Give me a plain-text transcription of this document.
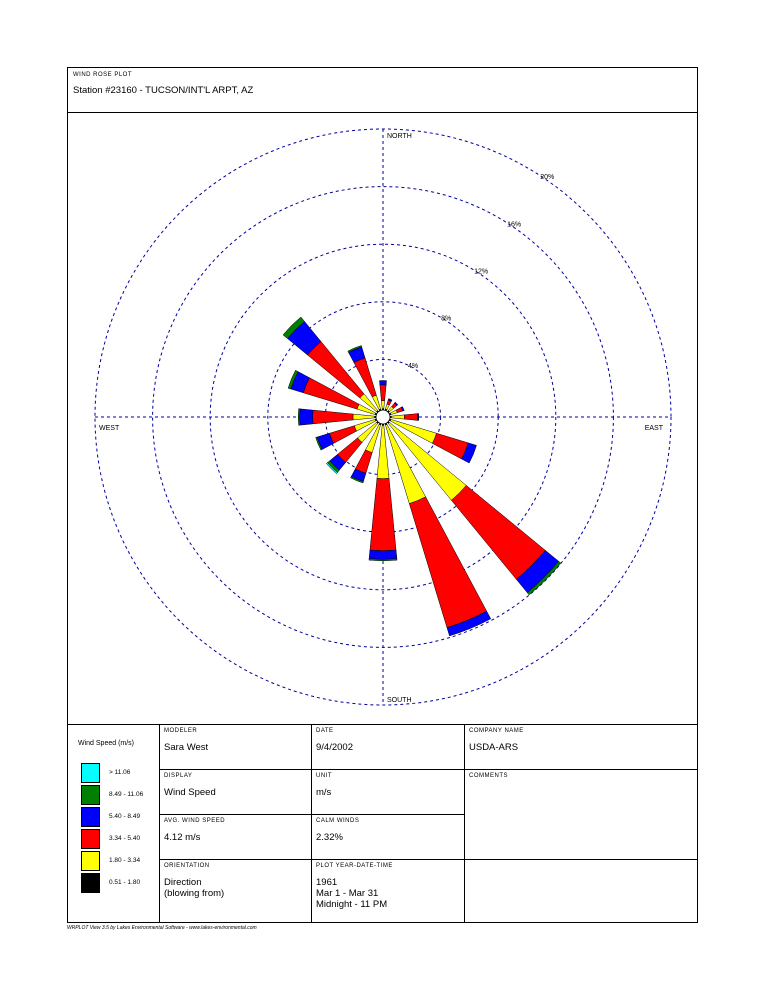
WIND ROSE PLOT
Station #23160 - TUCSON/INT'L ARPT, AZ
4%
8%
12%
16%
20%
NORTH
SOUTH
EAST
WEST
Wind Speed (m/s)
> 11.06
8.49 - 11.06
5.40 - 8.49
3.34 - 5.40
1.80 - 3.34
0.51 - 1.80
MODELER
Sara West
DATE
9/4/2002
COMPANY NAME
USDA-ARS
DISPLAY
Wind Speed
UNIT
m/s
COMMENTS
AVG. WIND SPEED
4.12 m/s
CALM WINDS
2.32%
ORIENTATION
Direction
(blowing from)
PLOT YEAR-DATE-TIME
1961
Mar 1 - Mar 31
Midnight - 11 PM
WRPLOT View 3.5 by Lakes Environmental Software - www.lakes-environmental.com
